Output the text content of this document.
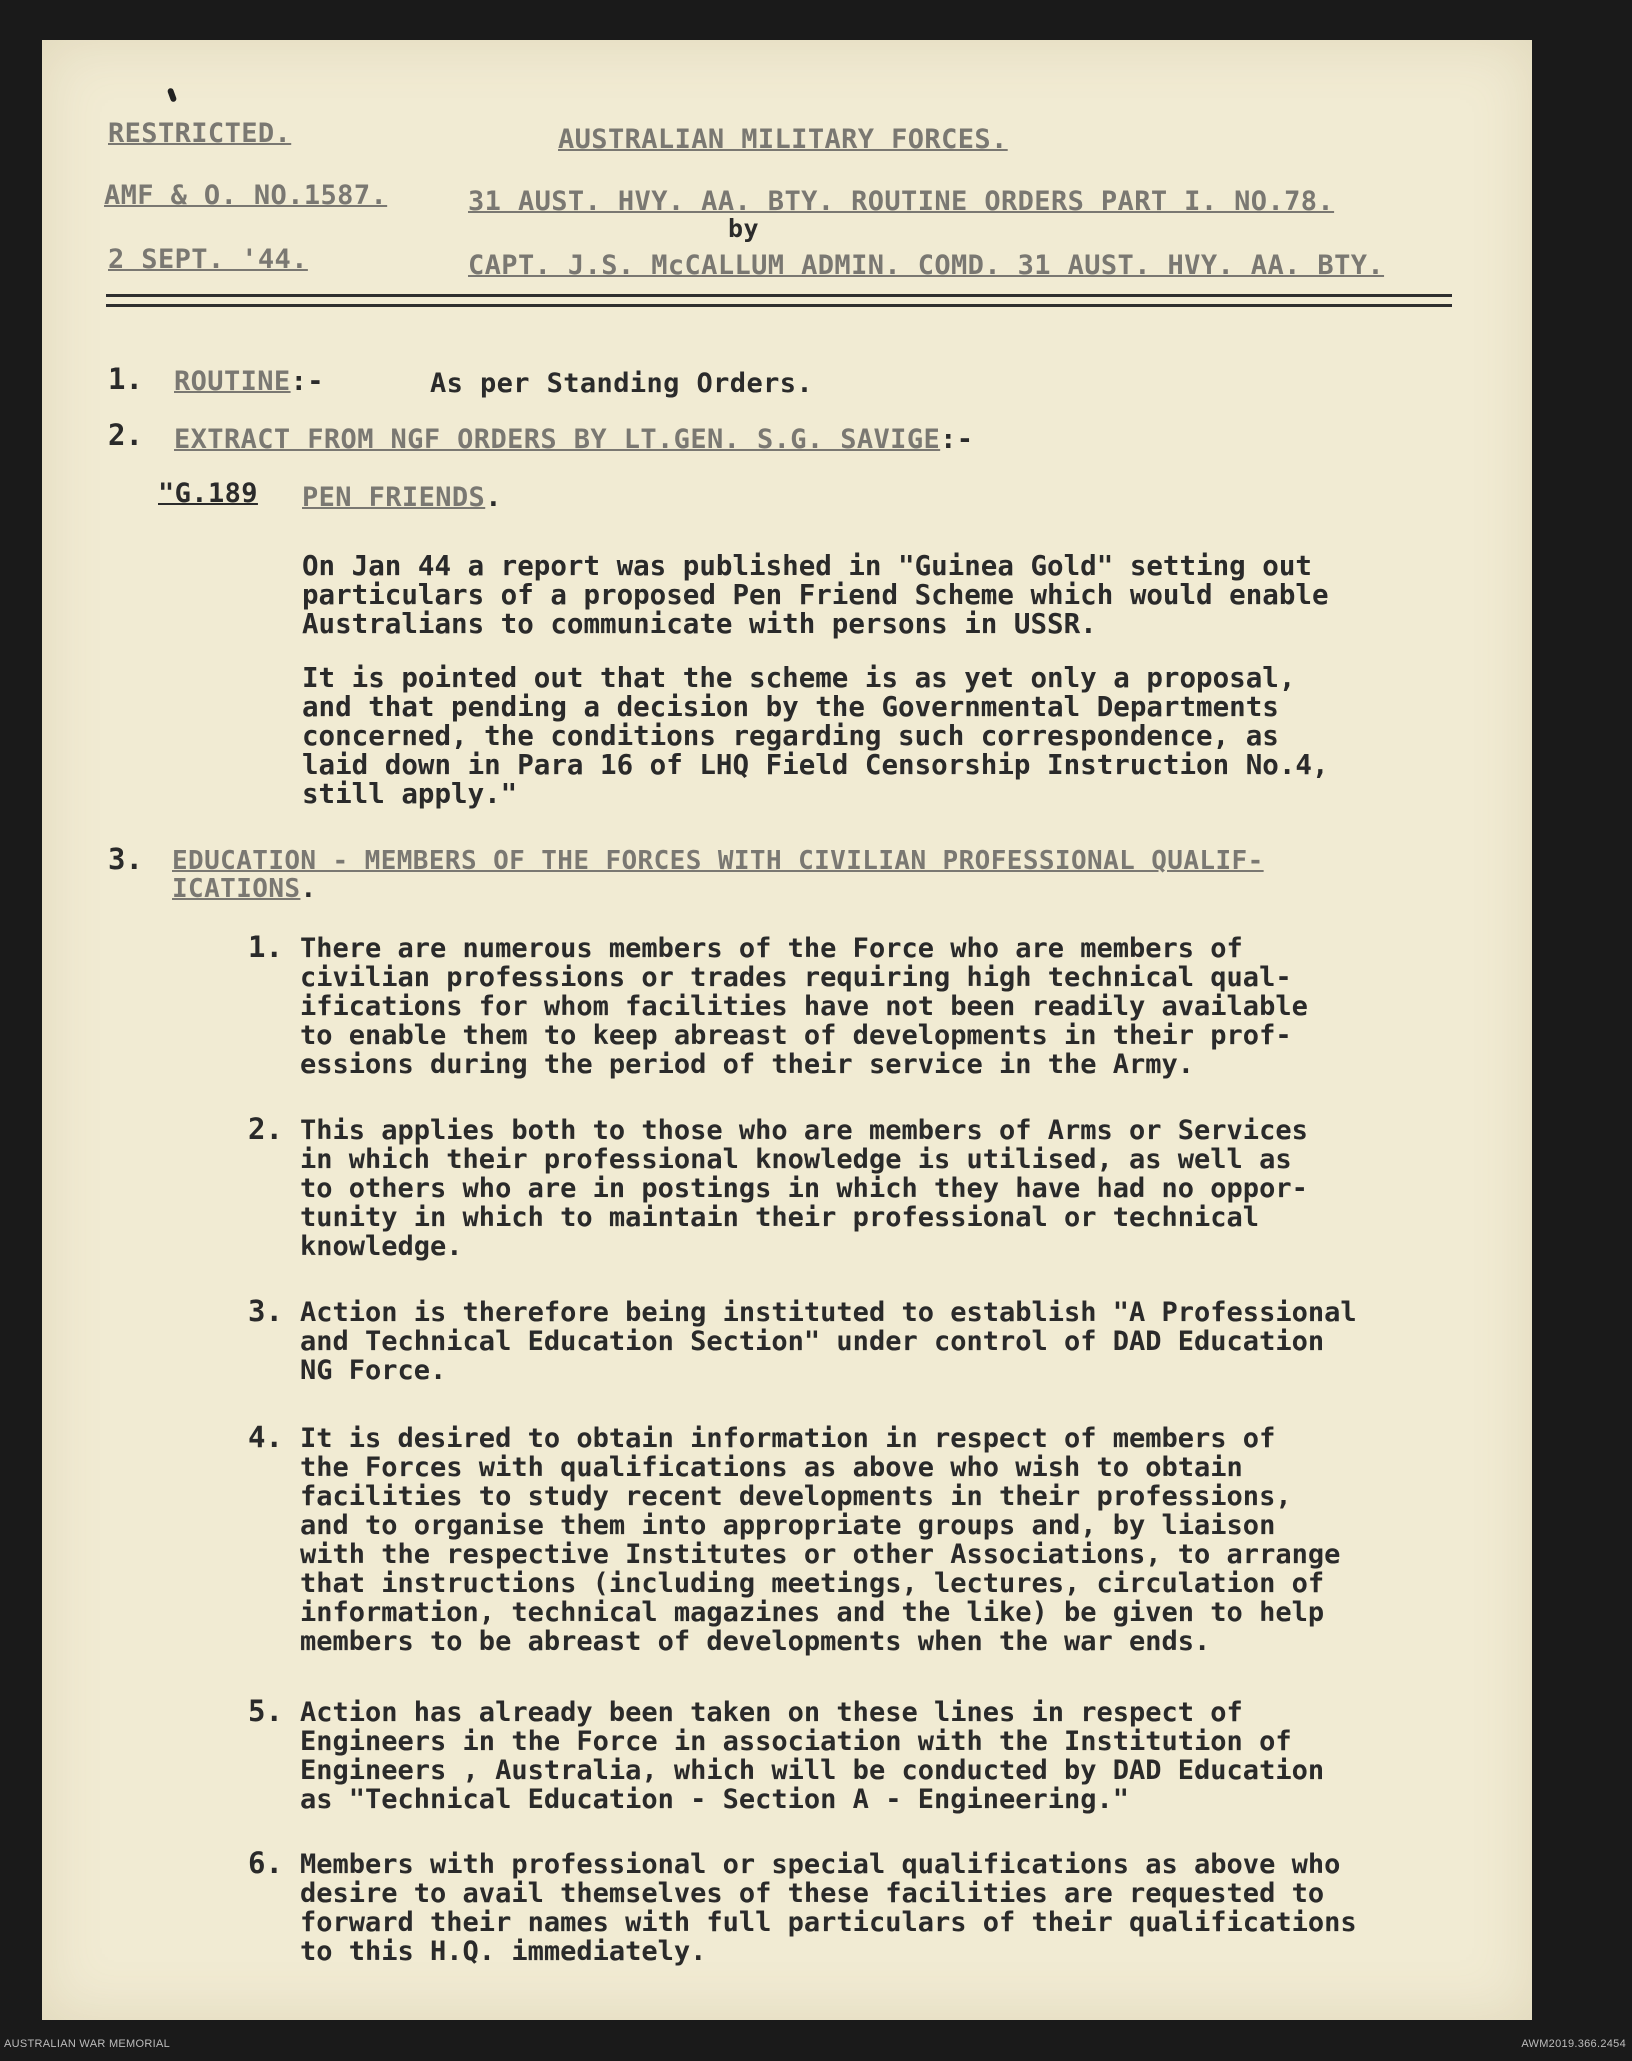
RESTRICTED.	AUSTRALIAN MILITARY FORCES.
AMF & O. NO.1587.	31 AUST. HVY. AA. BTY. ROUTINE ORDERS PART I. NO.78.
by
2 SEPT. '44.	CAPT. J.S. McCALLUM ADMIN. COMD. 31 AUST. HVY. AA. BTY.
1. ROUTINE:-	As per Standing Orders.
2. EXTRACT FROM NGF ORDERS BY LT.GEN. S.G. SAVIGE:-
"G.189 PEN FRIENDS.
On Jan 44 a report was published in "Guinea Gold" setting out
particulars of a proposed Pen Friend Scheme which would enable
Australians to communicate with persons in USSR.
It is pointed out that the scheme is as yet only a proposal,
and that pending a decision by the Governmental Departments
concerned, the conditions regarding such correspondence, as
laid down in Para 16 of LHQ Field Censorship Instruction No.4,
still apply."
3. EDUCATION - MEMBERS OF THE FORCES WITH CIVILIAN PROFESSIONAL QUALIF-
ICATIONS.
1. There are numerous members of the Force who are members of
civilian professions or trades requiring high technical qual-
ifications for whom facilities have not been readily available
to enable them to keep abreast of developments in their prof-
essions during the period of their service in the Army.
2. This applies both to those who are members of Arms or Services
in which their professional knowledge is utilised, as well as
to others who are in postings in which they have had no oppor-
tunity in which to maintain their professional or technical
knowledge.
3. Action is therefore being instituted to establish "A Professional
and Technical Education Section" under control of DAD Education
NG Force.
4. It is desired to obtain information in respect of members of
the Forces with qualifications as above who wish to obtain
facilities to study recent developments in their professions,
and to organise them into appropriate groups and, by liaison
with the respective Institutes or other Associations, to arrange
that instructions (including meetings, lectures, circulation of
information, technical magazines and the like) be given to help
members to be abreast of developments when the war ends.
5. Action has already been taken on these lines in respect of
Engineers in the Force in association with the Institution of
Engineers , Australia, which will be conducted by DAD Education
as "Technical Education - Section A - Engineering."
6. Members with professional or special qualifications as above who
desire to avail themselves of these facilities are requested to
forward their names with full particulars of their qualifications
to this H.Q. immediately.
AUSTRALIAN WAR MEMORIAL	AWM2019.366.2454
